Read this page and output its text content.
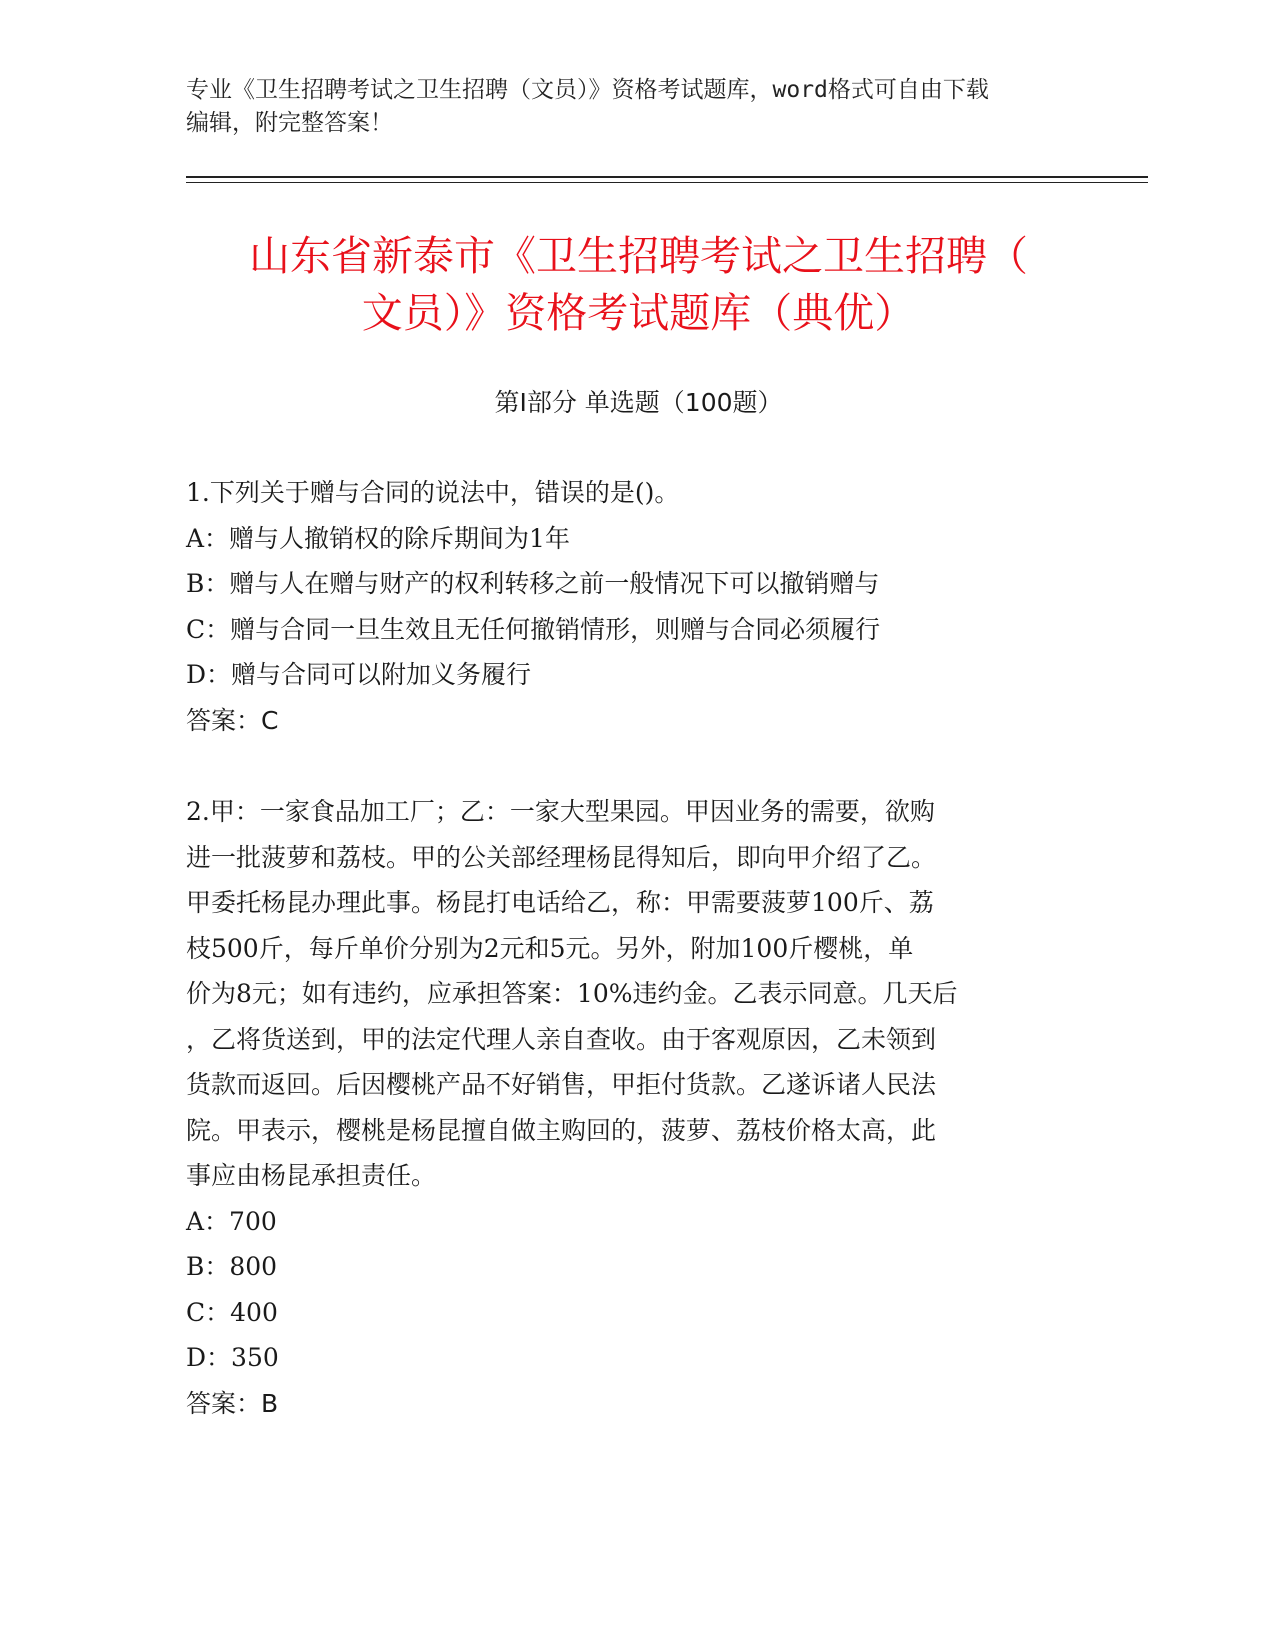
专业《卫生招聘考试之卫生招聘（文员）》资格考试题库，word格式可自由下载
编辑，附完整答案！
山东省新泰市《卫生招聘考试之卫生招聘（
文员）》资格考试题库（典优）
第Ⅰ部分 单选题（100题）

1.下列关于赠与合同的说法中，错误的是()。

A：赠与人撤销权的除斥期间为1年

B：赠与人在赠与财产的权利转移之前一般情况下可以撤销赠与

C：赠与合同一旦生效且无任何撤销情形，则赠与合同必须履行

D：赠与合同可以附加义务履行

答案：C

2.甲：一家食品加工厂；乙：一家大型果园。甲因业务的需要，欲购

进一批菠萝和荔枝。甲的公关部经理杨昆得知后，即向甲介绍了乙。

甲委托杨昆办理此事。杨昆打电话给乙，称：甲需要菠萝100斤、荔

枝500斤，每斤单价分别为2元和5元。另外，附加100斤樱桃，单

价为8元；如有违约，应承担答案：10%违约金。乙表示同意。几天后

，乙将货送到，甲的法定代理人亲自查收。由于客观原因，乙未领到

货款而返回。后因樱桃产品不好销售，甲拒付货款。乙遂诉诸人民法

院。甲表示，樱桃是杨昆擅自做主购回的，菠萝、荔枝价格太高，此

事应由杨昆承担责任。

A：700

B：800

C：400

D：350

答案：B
